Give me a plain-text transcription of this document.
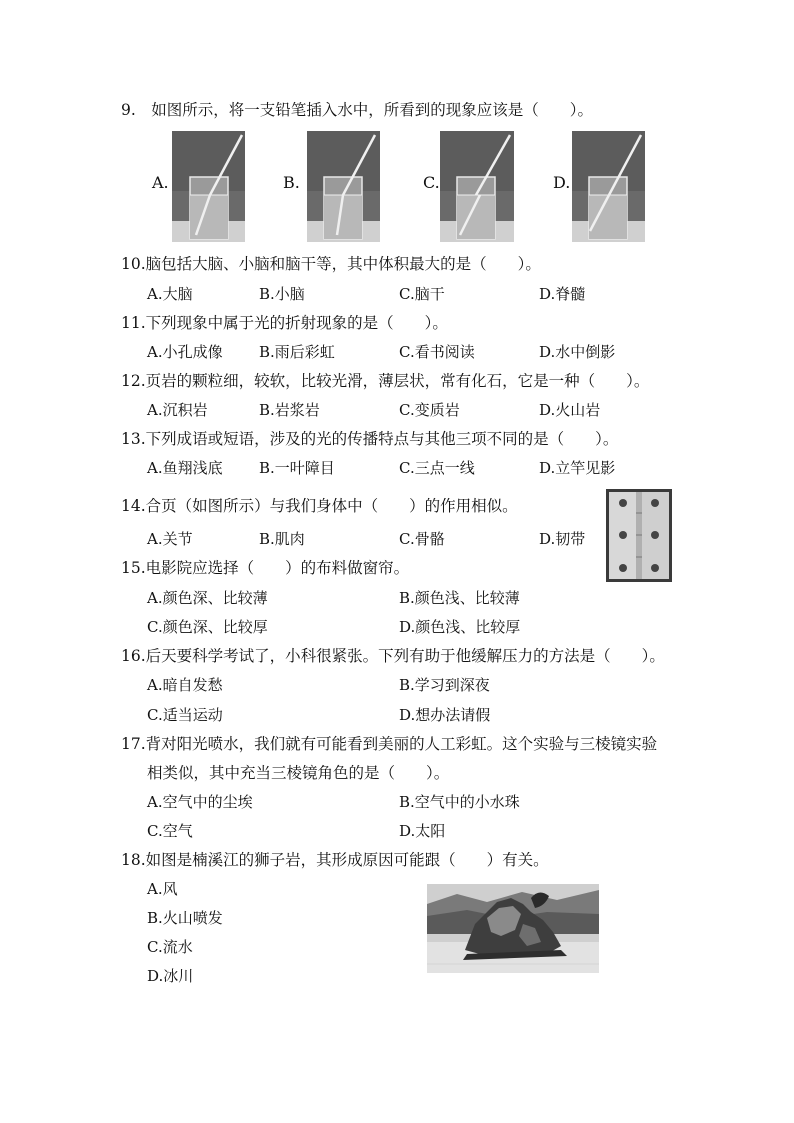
9.　如图所示，将一支铅笔插入水中，所看到的现象应该是（　　）。
A.	B.	C.	D.
10.脑包括大脑、小脑和脑干等，其中体积最大的是（　　）。
A.大脑	B.小脑	C.脑干	D.脊髓
11.下列现象中属于光的折射现象的是（　　）。
A.小孔成像 B.雨后彩虹	C.看书阅读	D.水中倒影
12.页岩的颗粒细，较软，比较光滑，薄层状，常有化石，它是一种（　　）。
A.沉积岩	B.岩浆岩	C.变质岩	D.火山岩
13.下列成语或短语，涉及的光的传播特点与其他三项不同的是（　　）。
A.鱼翔浅底 B.一叶障目	C.三点一线	D.立竿见影
14.合页（如图所示）与我们身体中（　　）的作用相似。
A.关节	B.肌肉	C.骨骼	D.韧带
15.电影院应选择（　　）的布料做窗帘。
A.颜色深、比较薄	B.颜色浅、比较薄
C.颜色深、比较厚	D.颜色浅、比较厚
16.后天要科学考试了，小科很紧张。下列有助于他缓解压力的方法是（　　）。
A.暗自发愁	B.学习到深夜
C.适当运动	D.想办法请假
17.背对阳光喷水，我们就有可能看到美丽的人工彩虹。这个实验与三棱镜实验
相类似，其中充当三棱镜角色的是（　　）。
A.空气中的尘埃	B.空气中的小水珠
C.空气	D.太阳
18.如图是楠溪江的狮子岩，其形成原因可能跟（　　）有关。
A.风
B.火山喷发
C.流水
D.冰川
